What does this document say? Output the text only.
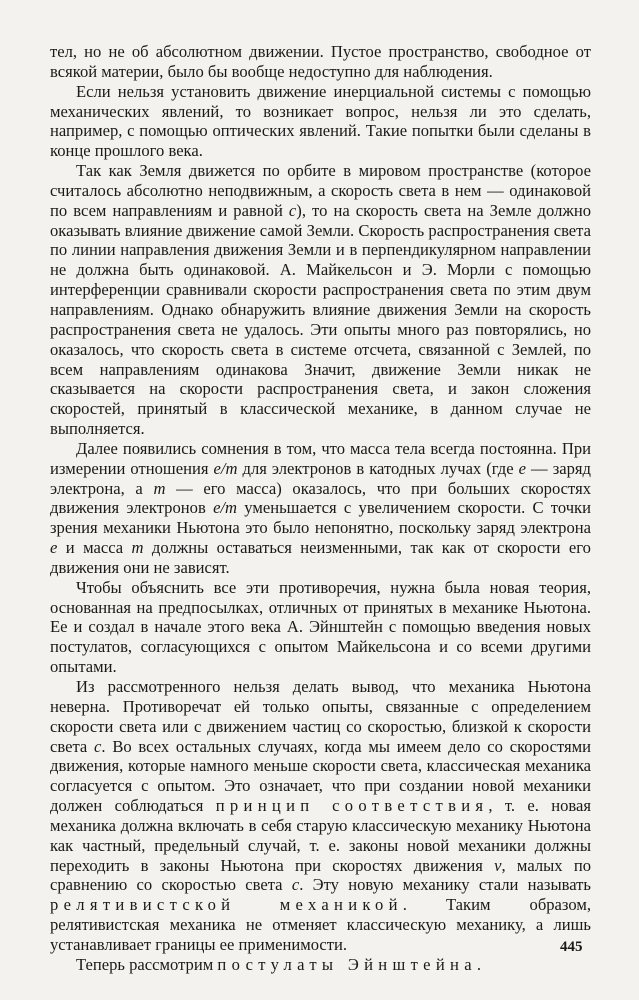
тел, но не об абсолютном движении. Пустое пространство, свободное от всякой материи, было бы вообще недоступно для наблюдения.

Если нельзя установить движение инерциальной системы с помощью механических явлений, то возникает вопрос, нельзя ли это сделать, например, с помощью оптических явлений. Такие попытки были сделаны в конце прошлого века.

Так как Земля движется по орбите в мировом пространстве (которое считалось абсолютно неподвижным, а скорость света в нем — одинаковой по всем направлениям и равной c), то на скорость света на Земле должно оказывать влияние движение самой Земли. Скорость распространения света по линии направления движения Земли и в перпендикулярном направлении не должна быть одинаковой. А. Майкельсон и Э. Морли с помощью интерференции сравнивали скорости распространения света по этим двум направлениям. Однако обнаружить влияние движения Земли на скорость распространения света не удалось. Эти опыты много раз повторялись, но оказалось, что скорость света в системе отсчета, связанной с Землей, по всем направлениям одинакова Значит, движение Земли никак не сказывается на скорости распространения света, и закон сложения скоростей, принятый в классической механике, в данном случае не выполняется.

Далее появились сомнения в том, что масса тела всегда постоянна. При измерении отношения e/m для электронов в катодных лучах (где e — заряд электрона, а m — его масса) оказалось, что при больших скоростях движения электронов e/m уменьшается с увеличением скорости. С точки зрения механики Ньютона это было непонятно, поскольку заряд электрона e и масса m должны оставаться неизменными, так как от скорости его движения они не зависят.

Чтобы объяснить все эти противоречия, нужна была новая теория, основанная на предпосылках, отличных от принятых в механике Ньютона. Ее и создал в начале этого века А. Эйнштейн с помощью введения новых постулатов, согласующихся с опытом Майкельсона и со всеми другими опытами.

Из рассмотренного нельзя делать вывод, что механика Ньютона неверна. Противоречат ей только опыты, связанные с определением скорости света или с движением частиц со скоростью, близкой к скорости света c. Во всех остальных случаях, когда мы имеем дело со скоростями движения, которые намного меньше скорости света, классическая механика согласуется с опытом. Это означает, что при создании новой механики должен соблюдаться принцип соответствия, т. е. новая механика должна включать в себя старую классическую механику Ньютона как частный, предельный случай, т. е. законы новой механики должны переходить в законы Ньютона при скоростях движения v, малых по сравнению со скоростью света c. Эту новую механику стали называть релятивистской механикой. Таким образом, релятивистская механика не отменяет классическую механику, а лишь устанавливает границы ее применимости.

Теперь рассмотрим постулаты Эйнштейна.

445
